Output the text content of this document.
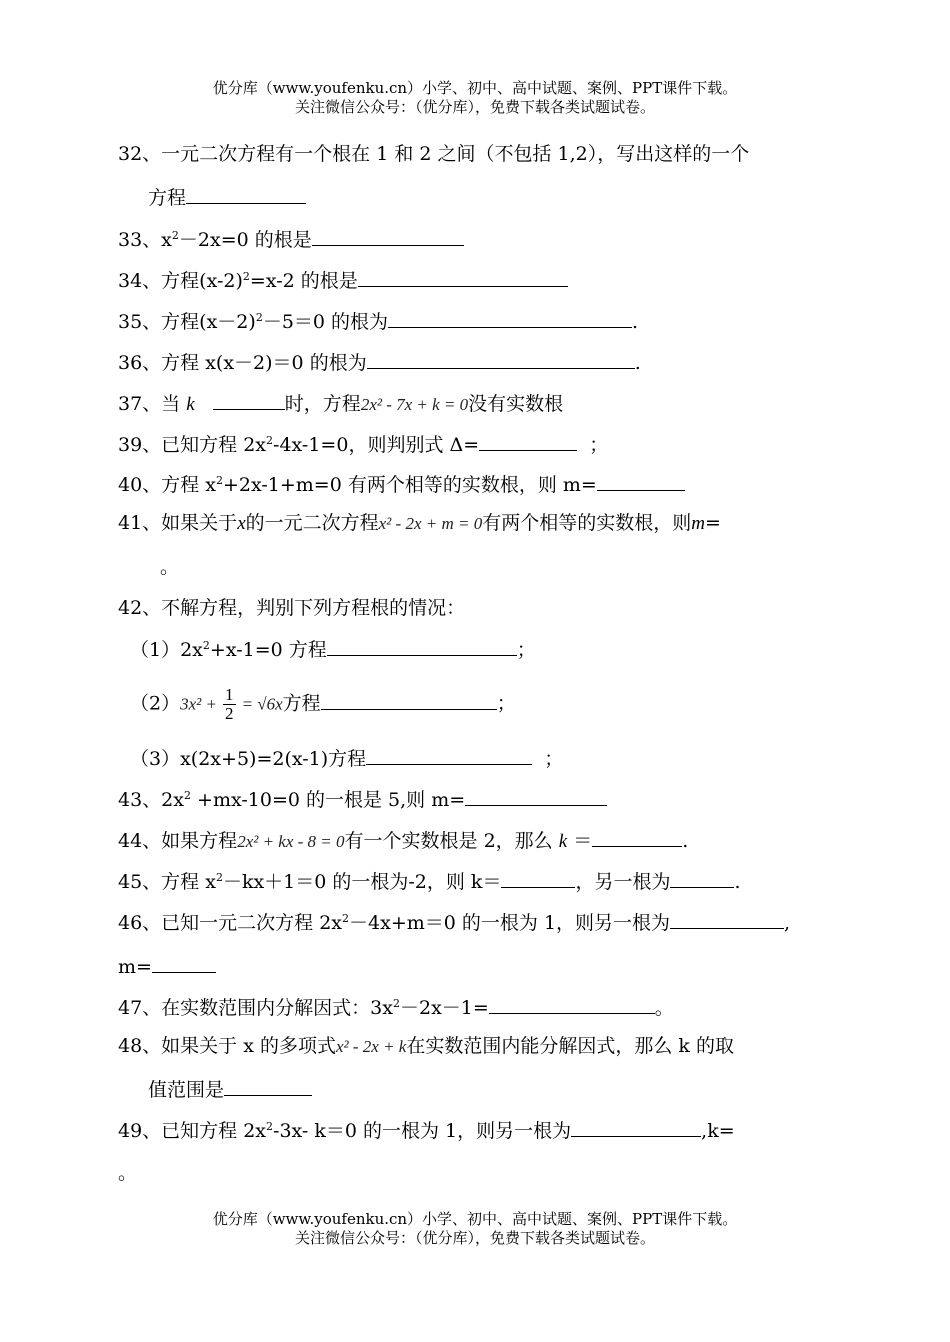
优分库（www.youfenku.cn）小学、初中、高中试题、案例、PPT课件下载。
关注微信公众号：（优分库），免费下载各类试题试卷。
32、一元二次方程有一个根在 1 和 2 之间（不包括 1,2），写出这样的一个
方程
33、$x^2-2x=0$ 的根是
34、方程$(x-2)^2=x-2$ 的根是
35、方程$(x-2)^2-5=0$ 的根为	.
36、方程 x(x－2)＝0 的根为	.
37、当 k	时，方程2x² - 7x + k = 0没有实数根
39、已知方程 $2x^2-4x-1=0$，则判别式 Δ=	；
40、方程 $x^2+2x-1+m=0$ 有两个相等的实数根，则 m=
41、如果关于x的一元二次方程x² - 2x + m = 0有两个相等的实数根，则m=
。
42、不解方程，判别下列方程根的情况：
$(1)2x^2+x-1=0$ 方程	；
$(2)3x^2 + \frac{1}{2} = √6x$方程	；
（3）x(2x+5)=2(x-1)方程	；
43、$2x^2 +mx-10=0$ 的一根是 5,则 m=
44、如果方程2x² + kx - 8 = 0有一个实数根是 2，那么 k ＝	.
45、方程 $x^2-kx+1=0$ 的一根为-2，则 k＝	，另一根为	.
46、已知一元二次方程 $2x^2-4x+m=0$ 的一根为 1，则另一根为	,
m=
47、在实数范围内分解因式：$3x^2-2x-1=$	。
48、如果关于 x 的多项式x² - 2x + k在实数范围内能分解因式，那么 k 的取
值范围是
49、已知方程 $2x^2-3x-$ k＝0 的一根为 1，则另一根为	,k=
。
优分库（www.youfenku.cn）小学、初中、高中试题、案例、PPT课件下载。
关注微信公众号：（优分库），免费下载各类试题试卷。
